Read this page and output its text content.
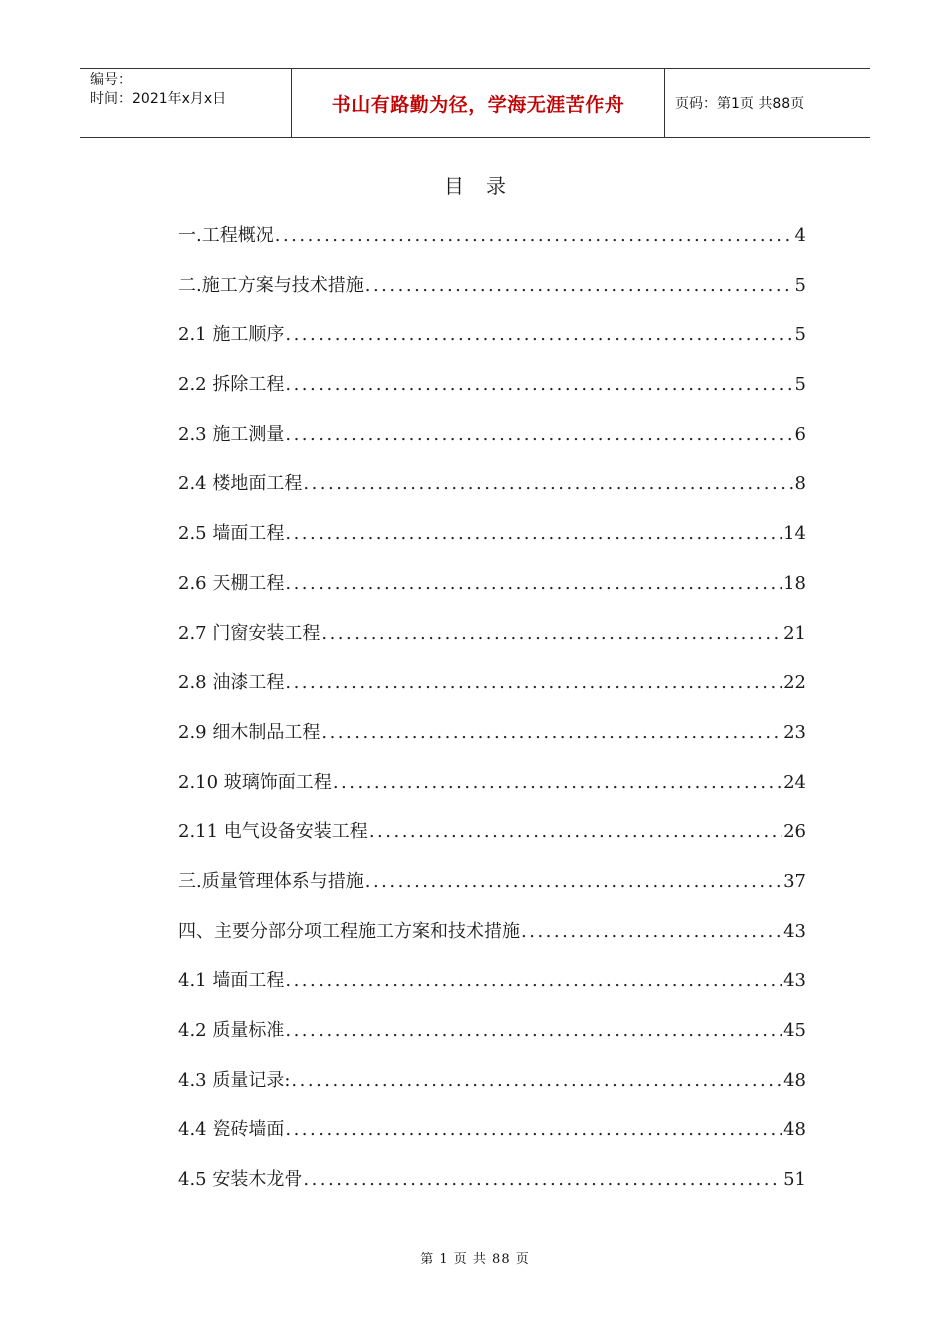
编号：
时间：2021年x月x日	书山有路勤为径，学海无涯苦作舟	页码：第1页 共88页
目录
一.工程概况 .....	4
二.施工方案与技术措施 .....	5
2.1 施工顺序 .....	5
2.2 拆除工程 .....	5
2.3 施工测量 .....	6
2.4 楼地面工程 .....	8
2.5 墙面工程 .....	14
2.6 天棚工程 .....	18
2.7 门窗安装工程 .....	21
2.8 油漆工程 .....	22
2.9 细木制品工程 .....	23
2.10 玻璃饰面工程 .....	24
2.11 电气设备安装工程 .....	26
三.质量管理体系与措施 .....	37
四、主要分部分项工程施工方案和技术措施 .....	43
4.1 墙面工程 .....	43
4.2 质量标准 .....	45
4.3 质量记录: .....	48
4.4 瓷砖墙面 .....	48
4.5 安装木龙骨 .....	51
第 1 页 共 88 页
